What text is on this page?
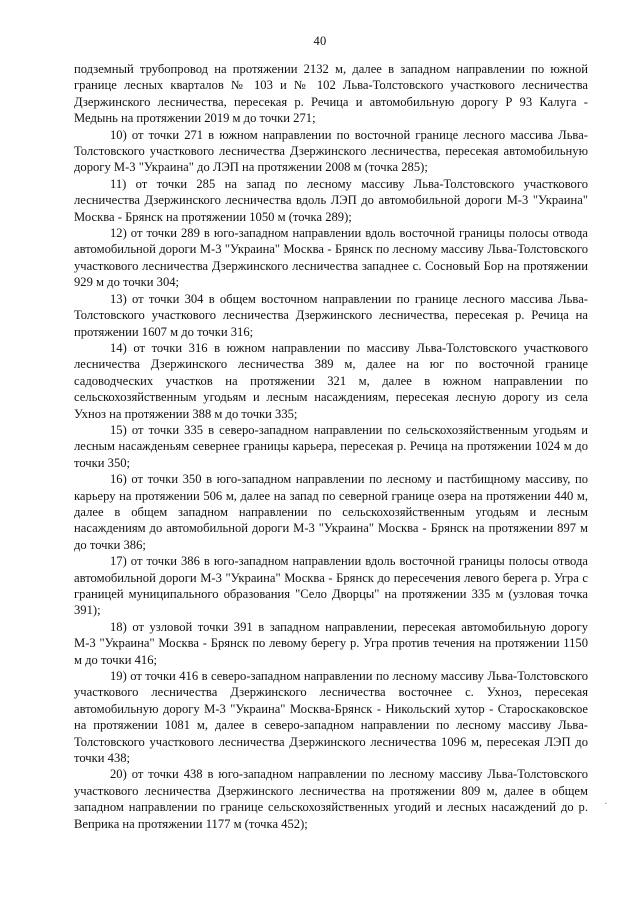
40

подземный трубопровод на протяжении 2132 м, далее в западном направлении по южной границе лесных кварталов № 103 и № 102 Льва-Толстовского участкового лесничества Дзержинского лесничества, пересекая р. Речица и автомобильную дорогу Р 93 Калуга - Медынь на протяжении 2019 м до точки 271;

10) от точки 271 в южном направлении по восточной границе лесного массива Льва-Толстовского участкового лесничества Дзержинского лесничества, пересекая автомобильную дорогу М-3 "Украина" до ЛЭП на протяжении 2008 м (точка 285);

11) от точки 285 на запад по лесному массиву Льва-Толстовского участкового лесничества Дзержинского лесничества вдоль ЛЭП до автомобильной дороги М-3 "Украина" Москва - Брянск на протяжении 1050 м (точка 289);

12) от точки 289 в юго-западном направлении вдоль восточной границы полосы отвода автомобильной дороги М-3 "Украина" Москва - Брянск по лесному массиву Льва-Толстовского участкового лесничества Дзержинского лесничества западнее с. Сосновый Бор на протяжении 929 м до точки 304;

13) от точки 304 в общем восточном направлении по границе лесного массива Льва-Толстовского участкового лесничества Дзержинского лесничества, пересекая р. Речица на протяжении 1607 м до точки 316;

14) от точки 316 в южном направлении по массиву Льва-Толстовского участкового лесничества Дзержинского лесничества 389 м, далее на юг по восточной границе садоводческих участков на протяжении 321 м, далее в южном направлении по сельскохозяйственным угодьям и лесным насаждениям, пересекая лесную дорогу из села Ухноз на протяжении 388 м до точки 335;

15) от точки 335 в северо-западном направлении по сельскохозяйственным угодьям и лесным насажденьям севернее границы карьера, пересекая р. Речица на протяжении 1024 м до точки 350;

16) от точки 350 в юго-западном направлении по лесному и пастбищному массиву, по карьеру на протяжении 506 м, далее на запад по северной границе озера на протяжении 440 м, далее в общем западном направлении по сельскохозяйственным угодьям и лесным насаждениям до автомобильной дороги М-3 "Украина" Москва - Брянск на протяжении 897 м до точки 386;

17) от точки 386 в юго-западном направлении вдоль восточной границы полосы отвода автомобильной дороги М-3 "Украина" Москва - Брянск до пересечения левого берега р. Угра с границей муниципального образования "Село Дворцы" на протяжении 335 м (узловая точка 391);

18) от узловой точки 391 в западном направлении, пересекая автомобильную дорогу М-3 "Украина" Москва - Брянск по левому берегу р. Угра против течения на протяжении 1150 м до точки 416;

19) от точки 416 в северо-западном направлении по лесному массиву Льва-Толстовского участкового лесничества Дзержинского лесничества восточнее с. Ухноз, пересекая автомобильную дорогу М-3 "Украина" Москва-Брянск - Никольский хутор - Староскаковское на протяжении 1081 м, далее в северо-западном направлении по лесному массиву Льва-Толстовского участкового лесничества Дзержинского лесничества 1096 м, пересекая ЛЭП до точки 438;

20) от точки 438 в юго-западном направлении по лесному массиву Льва-Толстовского участкового лесничества Дзержинского лесничества на протяжении 809 м, далее в общем западном направлении по границе сельскохозяйственных угодий и лесных насаждений до р. Веприка на протяжении 1177 м (точка 452);

·
